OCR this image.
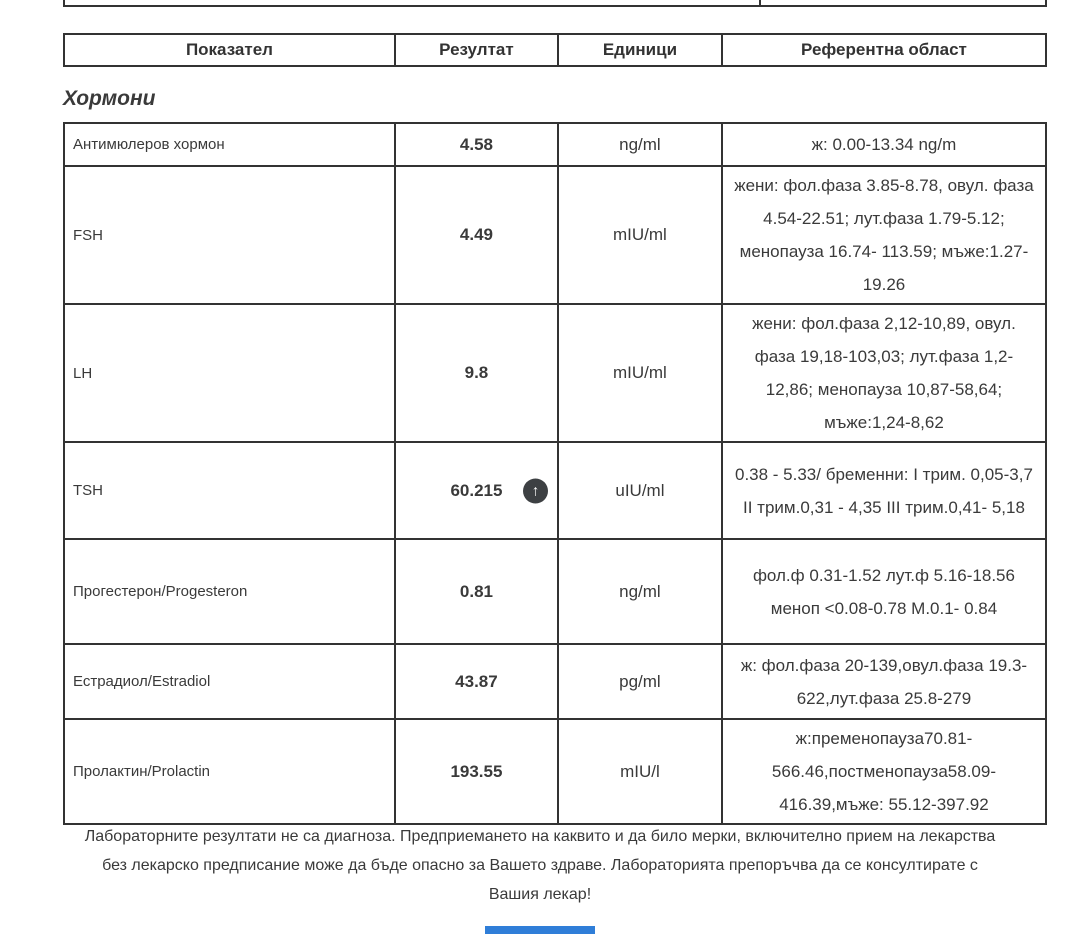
Показател	Резултат	Единици	Референтна област
Хормони
Антимюлеров хормон	4.58	ng/ml	ж: 0.00-13.34 ng/m
FSH	4.49	mIU/ml	жени: фол.фаза 3.85-8.78, овул. фаза 4.54-22.51; лут.фаза 1.79-5.12; менопауза 16.74- 113.59; мъже:1.27-19.26
LH	9.8	mIU/ml	жени: фол.фаза 2,12-10,89, овул. фаза 19,18-103,03; лут.фаза 1,2-12,86; менопауза 10,87-58,64; мъже:1,24-8,62
TSH	60.215 ↑	uIU/ml	0.38 - 5.33/ бременни: I трим. 0,05-3,7 II трим.0,31 - 4,35 III трим.0,41- 5,18
Прогестерон/Progesteron	0.81	ng/ml	фол.ф 0.31-1.52 лут.ф 5.16-18.56 меноп <0.08-0.78 М.0.1- 0.84
Естрадиол/Estradiol	43.87	pg/ml	ж: фол.фаза 20-139,овул.фаза 19.3-622,лут.фаза 25.8-279
Пролактин/Prolactin	193.55	mIU/l	ж:пременопауза70.81- 566.46,постменопауза58.09- 416.39,мъже: 55.12-397.92
Лабораторните резултати не са диагноза. Предприемането на каквито и да било мерки, включително прием на лекарства без лекарско предписание може да бъде опасно за Вашето здраве. Лабораторията препоръчва да се консултирате с Вашия лекар!
